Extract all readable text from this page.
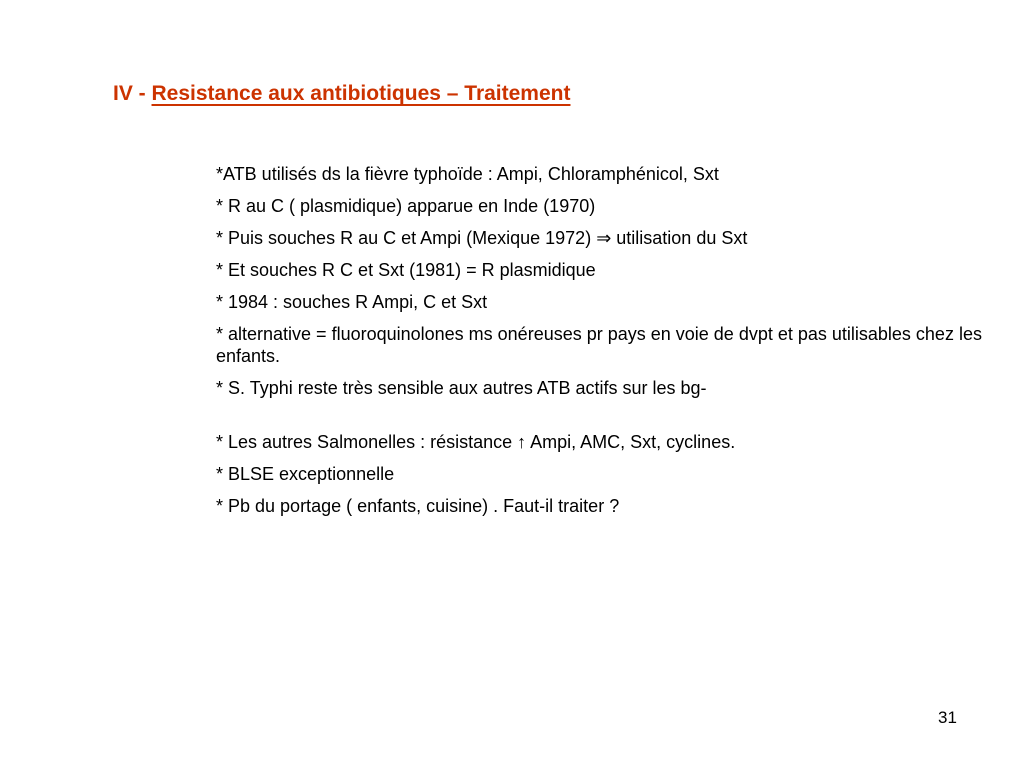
IV - Resistance aux antibiotiques – Traitement
*ATB utilisés ds la fièvre typhoïde : Ampi, Chloramphénicol, Sxt
* R au C ( plasmidique) apparue en Inde (1970)
* Puis souches R au C et Ampi (Mexique 1972) ⇒ utilisation du Sxt
* Et souches R C et Sxt (1981) = R plasmidique
* 1984 : souches R Ampi, C et Sxt
* alternative = fluoroquinolones ms onéreuses pr pays en voie de dvpt et pas utilisables chez les enfants.
* S. Typhi reste très sensible aux autres ATB actifs sur les bg-
* Les autres Salmonelles : résistance ↑ Ampi, AMC, Sxt, cyclines.
* BLSE exceptionnelle
* Pb du portage ( enfants, cuisine) . Faut-il traiter ?
31
